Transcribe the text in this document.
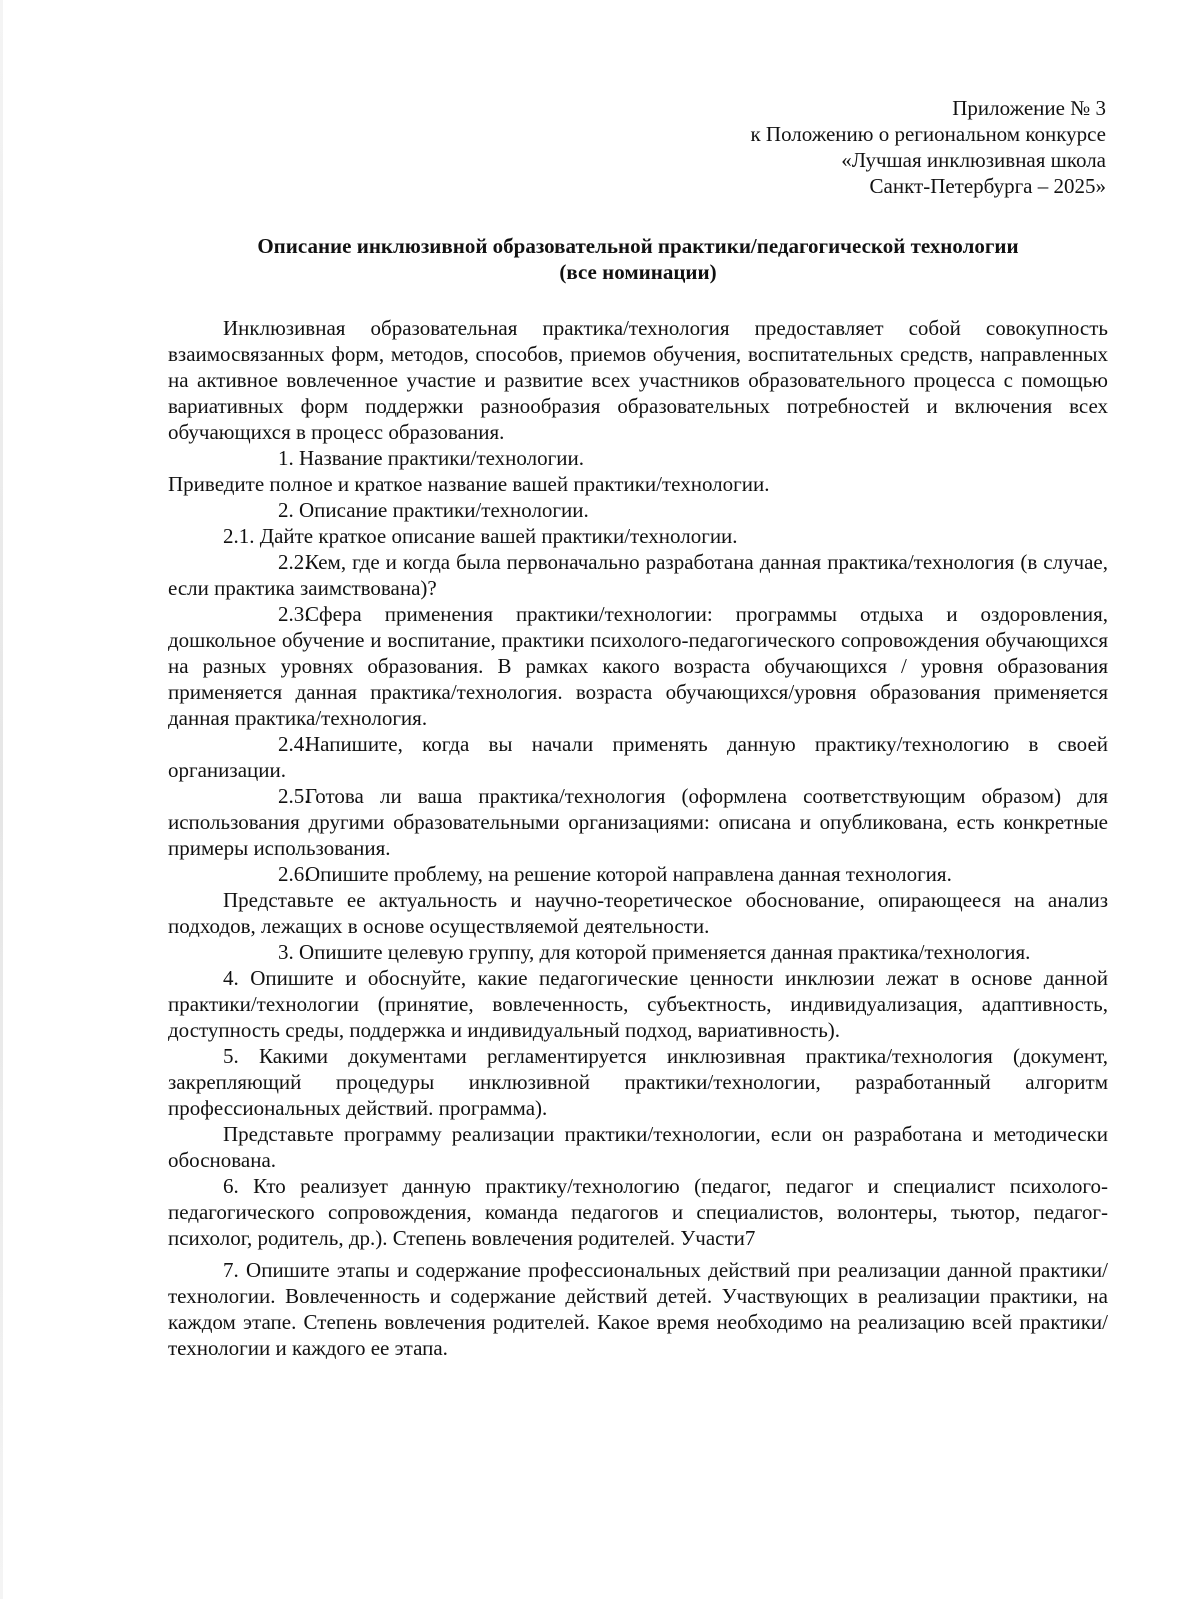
Приложение № 3
к Положению о региональном конкурсе
«Лучшая инклюзивная школа
Санкт-Петербурга – 2025»
Описание инклюзивной образовательной практики/педагогической технологии
(все номинации)

Инклюзивная образовательная практика/технология предоставляет собой совокупность взаимосвязанных форм, методов, способов, приемов обучения, воспитательных средств, направленных на активное вовлеченное участие и развитие всех участников образовательного процесса с помощью вариативных форм поддержки разнообразия образовательных потребностей и включения всех обучающихся в процесс образования.

1. Название практики/технологии.

Приведите полное и краткое название вашей практики/технологии.

2. Описание практики/технологии.

2.1. Дайте краткое описание вашей практики/технологии.

2.2.Кем, где и когда была первоначально разработана данная практика/технология (в случае, если практика заимствована)?

2.3.Сфера применения практики/технологии: программы отдыха и оздоровления, дошкольное обучение и воспитание, практики психолого-педагогического сопровождения обучающихся на разных уровнях образования. В рамках какого возраста обучающихся / уровня образования применяется данная практика/технология. возраста обучающихся/уровня образования применяется данная практика/технология.

2.4.Напишите, когда вы начали применять данную практику/технологию в своей организации.

2.5.Готова ли ваша практика/технология (оформлена соответствующим образом) для использования другими образовательными организациями: описана и опубликована, есть конкретные примеры использования.

2.6.Опишите проблему, на решение которой направлена данная технология.

Представьте ее актуальность и научно-теоретическое обоснование, опирающееся на анализ подходов, лежащих в основе осуществляемой деятельности.

3. Опишите целевую группу, для которой применяется данная практика/технология.

4. Опишите и обоснуйте, какие педагогические ценности инклюзии лежат в основе данной практики/технологии (принятие, вовлеченность, субъектность, индивидуализация, адаптивность, доступность среды, поддержка и индивидуальный подход, вариативность).

5. Какими документами регламентируется инклюзивная практика/технология (документ, закрепляющий процедуры инклюзивной практики/технологии, разработанный алгоритм профессиональных действий. программа).

Представьте программу реализации практики/технологии, если он разработана и методически обоснована.

6. Кто реализует данную практику/технологию (педагог, педагог и специалист психолого-педагогического сопровождения, команда педагогов и специалистов, волонтеры, тьютор, педагог-психолог, родитель, др.). Степень вовлечения родителей. Участи7

7. Опишите этапы и содержание профессиональных действий при реализации данной практики/технологии. Вовлеченность и содержание действий детей. Участвующих в реализации практики, на каждом этапе. Степень вовлечения родителей. Какое время необходимо на реализацию всей практики/технологии и каждого ее этапа.
